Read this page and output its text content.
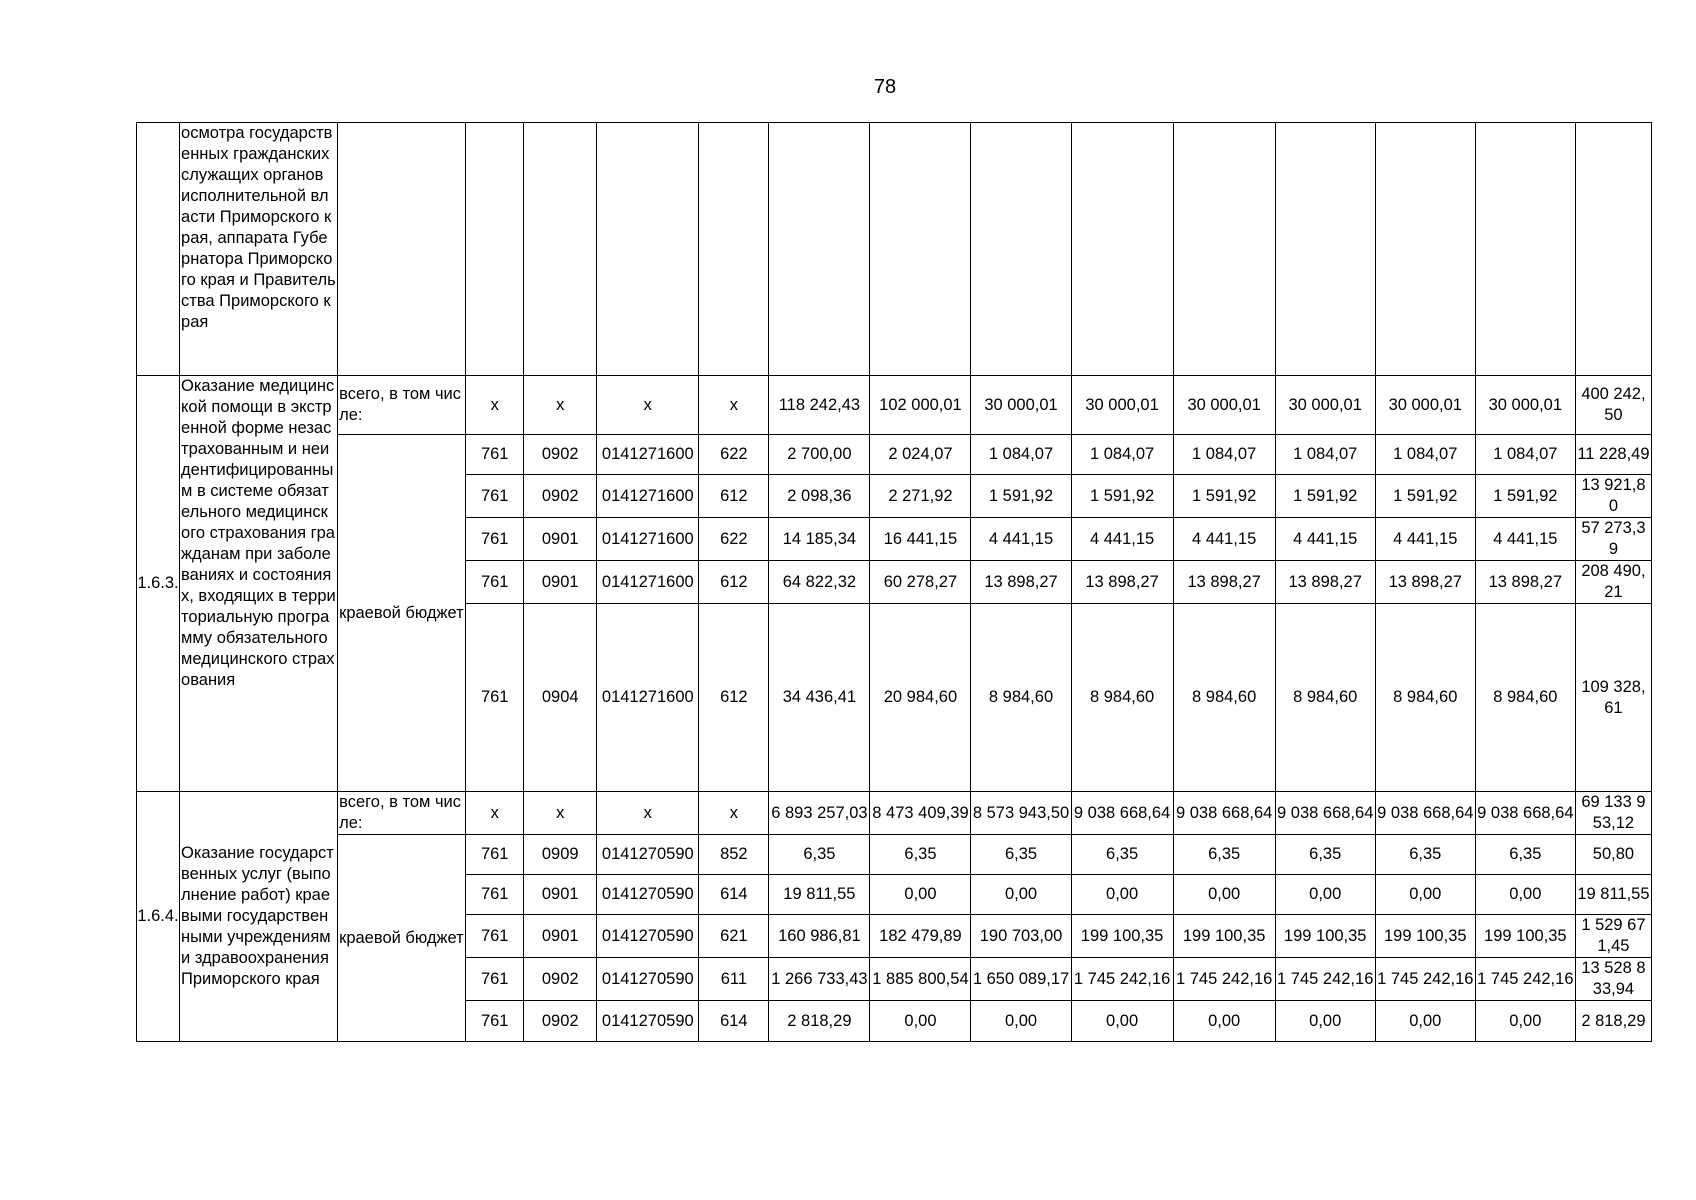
78
	осмотра государственных гражданских служащих органов исполнительной власти Приморского края, аппарата Губернатора Приморского края и Правительства Приморского края														
1.6.3.	Оказание медицинской помощи в экстренной форме незастрахованным и неидентифицированным в системе обязательного медицинского страхования гражданам при заболеваниях и состояниях, входящих в территориальную программу обязательного медицинского страхования	всего, в том числе:	x	x	x	x	118 242,43	102 000,01	30 000,01	30 000,01	30 000,01	30 000,01	30 000,01	30 000,01	400 242,50
		краевой бюджет	761	0902	0141271600	622	2 700,00	2 024,07	1 084,07	1 084,07	1 084,07	1 084,07	1 084,07	1 084,07	11 228,49
			761	0902	0141271600	612	2 098,36	2 271,92	1 591,92	1 591,92	1 591,92	1 591,92	1 591,92	1 591,92	13 921,80
			761	0901	0141271600	622	14 185,34	16 441,15	4 441,15	4 441,15	4 441,15	4 441,15	4 441,15	4 441,15	57 273,39
			761	0901	0141271600	612	64 822,32	60 278,27	13 898,27	13 898,27	13 898,27	13 898,27	13 898,27	13 898,27	208 490,21
			761	0904	0141271600	612	34 436,41	20 984,60	8 984,60	8 984,60	8 984,60	8 984,60	8 984,60	8 984,60	109 328,61
1.6.4.	Оказание государственных услуг (выполнение работ) краевыми государственными учреждениями здравоохранения Приморского края	всего, в том числе:	x	x	x	x	6 893 257,03	8 473 409,39	8 573 943,50	9 038 668,64	9 038 668,64	9 038 668,64	9 038 668,64	9 038 668,64	69 133 953,12
		краевой бюджет	761	0909	0141270590	852	6,35	6,35	6,35	6,35	6,35	6,35	6,35	6,35	50,80
			761	0901	0141270590	614	19 811,55	0,00	0,00	0,00	0,00	0,00	0,00	0,00	19 811,55
			761	0901	0141270590	621	160 986,81	182 479,89	190 703,00	199 100,35	199 100,35	199 100,35	199 100,35	199 100,35	1 529 671,45
			761	0902	0141270590	611	1 266 733,43	1 885 800,54	1 650 089,17	1 745 242,16	1 745 242,16	1 745 242,16	1 745 242,16	1 745 242,16	13 528 833,94
			761	0902	0141270590	614	2 818,29	0,00	0,00	0,00	0,00	0,00	0,00	0,00	2 818,29
